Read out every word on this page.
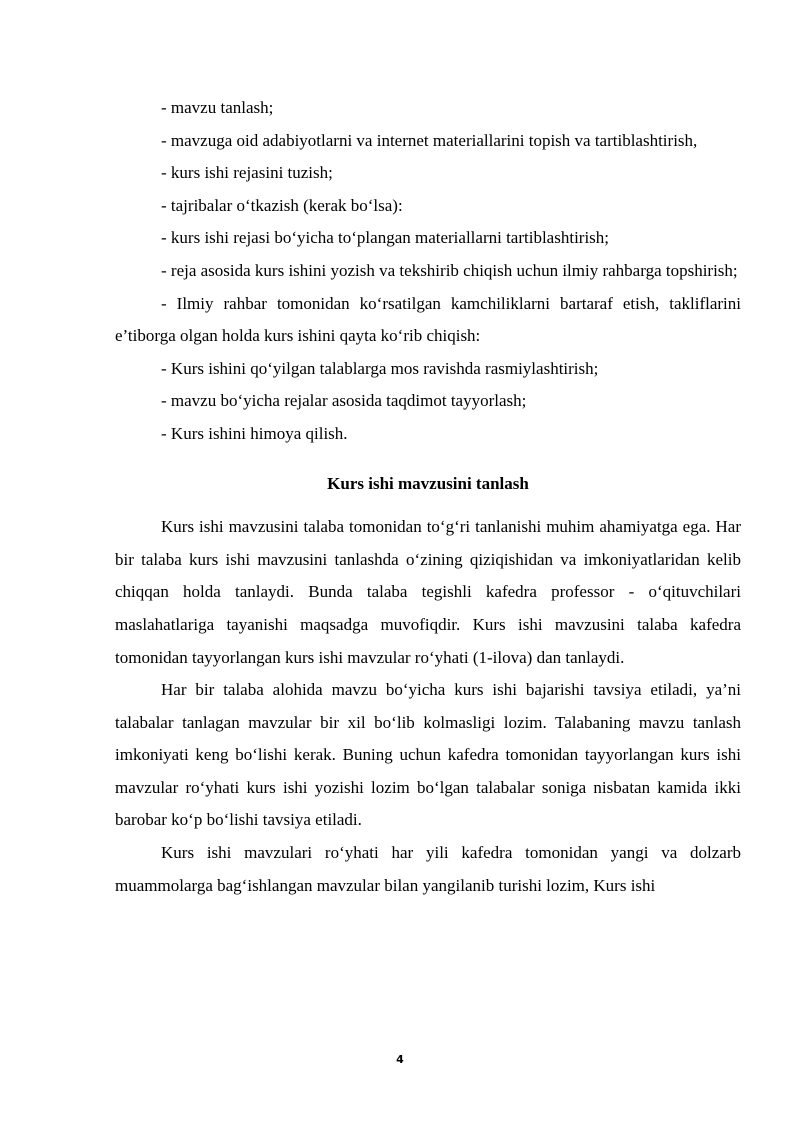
- mavzu tanlash;

- mavzuga oid adabiyotlarni va internet materiallarini topish va tartiblashtirish,

- kurs ishi rejasini tuzish;

- tajribalar o‘tkazish (kerak bo‘lsa):

- kurs ishi rejasi bo‘yicha to‘plangan materiallarni tartiblashtirish;

- reja asosida kurs ishini yozish va tekshirib chiqish uchun ilmiy rahbarga topshirish;

- Ilmiy rahbar tomonidan ko‘rsatilgan kamchiliklarni bartaraf etish, takliflarini e’tiborga olgan holda kurs ishini qayta ko‘rib chiqish:

- Kurs ishini qo‘yilgan talablarga mos ravishda rasmiylashtirish;

- mavzu bo‘yicha rejalar asosida taqdimot tayyorlash;

- Kurs ishini himoya qilish.

Kurs ishi mavzusini tanlash

Kurs ishi mavzusini talaba tomonidan to‘g‘ri tanlanishi muhim ahamiyatga ega. Har bir talaba kurs ishi mavzusini tanlashda o‘zining qiziqishidan va imkoniyatlaridan kelib chiqqan holda tanlaydi. Bunda talaba tegishli kafedra professor - o‘qituvchilari maslahatlariga tayanishi maqsadga muvofiqdir. Kurs ishi mavzusini talaba kafedra tomonidan tayyorlangan kurs ishi mavzular ro‘yhati (1-ilova) dan tanlaydi.

Har bir talaba alohida mavzu bo‘yicha kurs ishi bajarishi tavsiya etiladi, ya’ni talabalar tanlagan mavzular bir xil bo‘lib kolmasligi lozim. Talabaning mavzu tanlash imkoniyati keng bo‘lishi kerak. Buning uchun kafedra tomonidan tayyorlangan kurs ishi mavzular ro‘yhati kurs ishi yozishi lozim bo‘lgan talabalar soniga nisbatan kamida ikki barobar ko‘p bo‘lishi tavsiya etiladi.

Kurs ishi mavzulari ro‘yhati har yili kafedra tomonidan yangi va dolzarb muammolarga bag‘ishlangan mavzular bilan yangilanib turishi lozim, Kurs ishi

4
